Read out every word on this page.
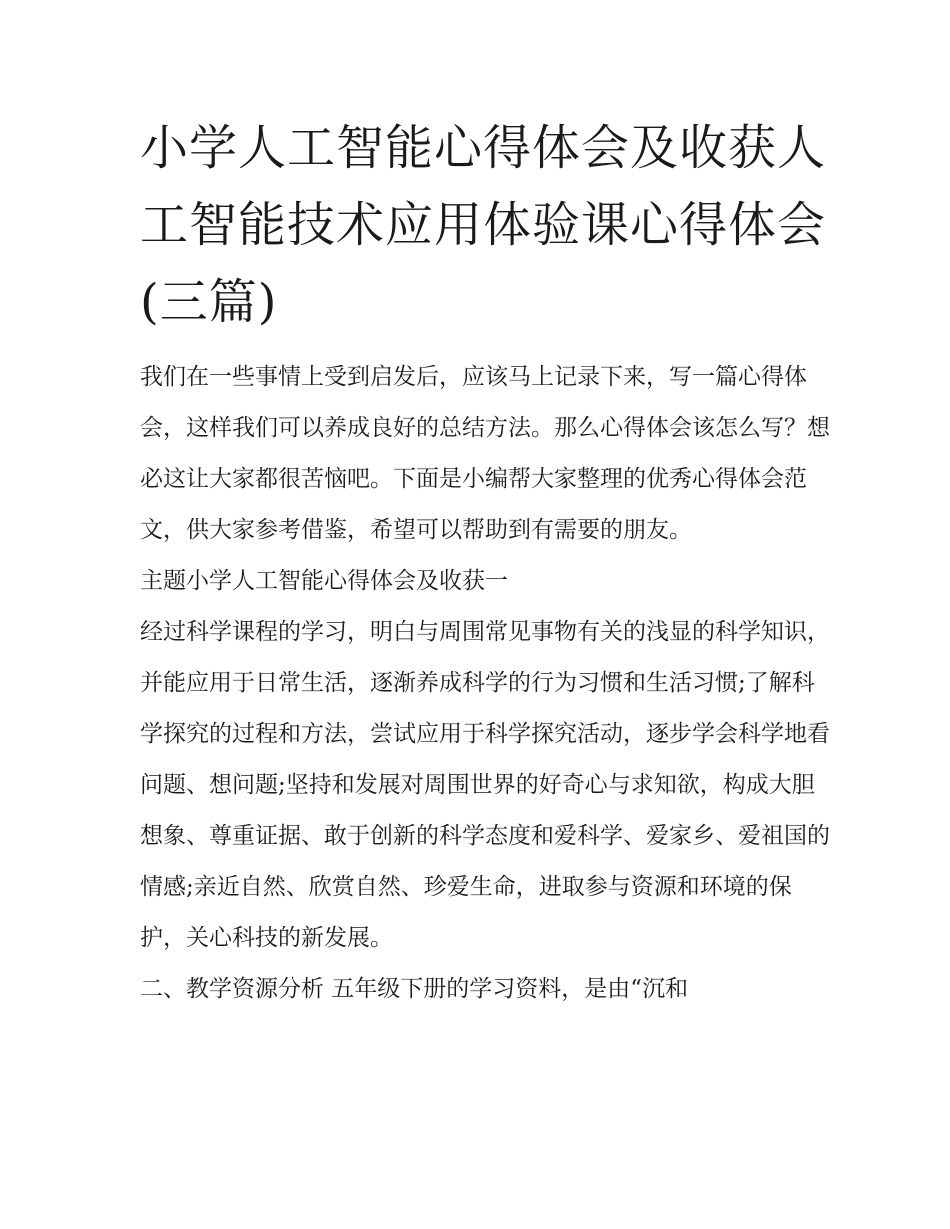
小学人工智能心得体会及收获人工智能技术应用体验课心得体会(三篇)

我们在一些事情上受到启发后，应该马上记录下来，写一篇心得体会，这样我们可以养成良好的总结方法。那么心得体会该怎么写？想必这让大家都很苦恼吧。下面是小编帮大家整理的优秀心得体会范文，供大家参考借鉴，希望可以帮助到有需要的朋友。

主题小学人工智能心得体会及收获一

经过科学课程的学习，明白与周围常见事物有关的浅显的科学知识，并能应用于日常生活，逐渐养成科学的行为习惯和生活习惯;了解科学探究的过程和方法，尝试应用于科学探究活动，逐步学会科学地看问题、想问题;坚持和发展对周围世界的好奇心与求知欲，构成大胆想象、尊重证据、敢于创新的科学态度和爱科学、爱家乡、爱祖国的情感;亲近自然、欣赏自然、珍爱生命，进取参与资源和环境的保护，关心科技的新发展。

二、教学资源分析 五年级下册的学习资料，是由“沉和
